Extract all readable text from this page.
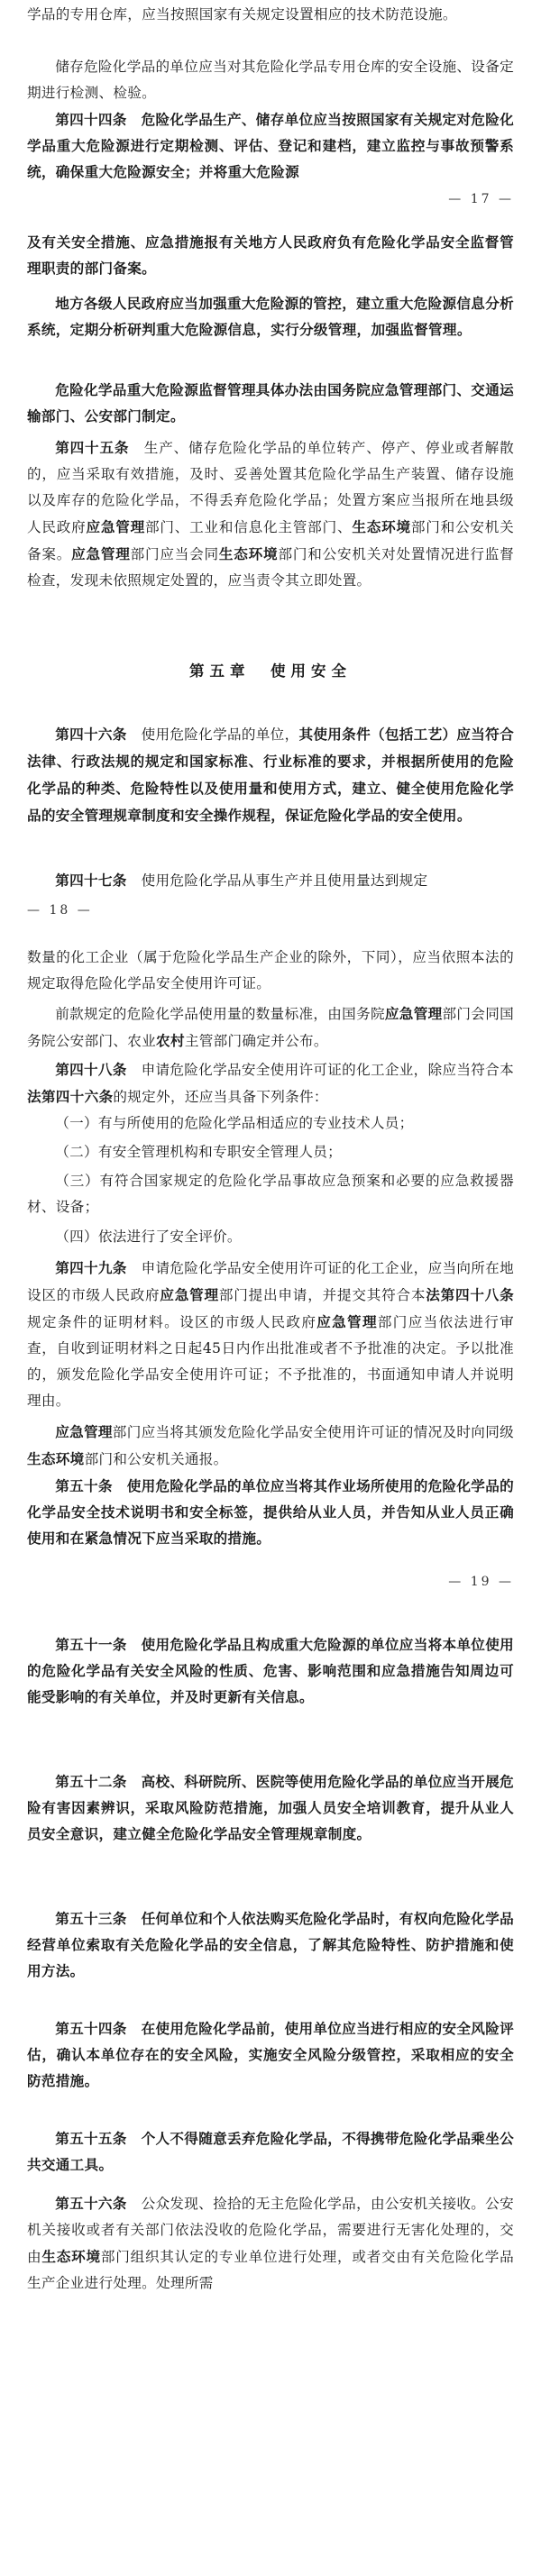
学品的专用仓库，应当按照国家有关规定设置相应的技术防范设施。
储存危险化学品的单位应当对其危险化学品专用仓库的安全设施、设备定期进行检测、检验。
第四十四条　危险化学品生产、储存单位应当按照国家有关规定对危险化学品重大危险源进行定期检测、评估、登记和建档，建立监控与事故预警系统，确保重大危险源安全；并将重大危险源
— 17 —
及有关安全措施、应急措施报有关地方人民政府负有危险化学品安全监督管理职责的部门备案。
地方各级人民政府应当加强重大危险源的管控，建立重大危险源信息分析系统，定期分析研判重大危险源信息，实行分级管理，加强监督管理。
危险化学品重大危险源监督管理具体办法由国务院应急管理部门、交通运输部门、公安部门制定。
第四十五条　生产、储存危险化学品的单位转产、停产、停业或者解散的，应当采取有效措施，及时、妥善处置其危险化学品生产装置、储存设施以及库存的危险化学品，不得丢弃危险化学品；处置方案应当报所在地县级人民政府应急管理部门、工业和信息化主管部门、生态环境部门和公安机关备案。应急管理部门应当会同生态环境部门和公安机关对处置情况进行监督检查，发现未依照规定处置的，应当责令其立即处置。
第五章　使用安全
第四十六条　使用危险化学品的单位，其使用条件（包括工艺）应当符合法律、行政法规的规定和国家标准、行业标准的要求，并根据所使用的危险化学品的种类、危险特性以及使用量和使用方式，建立、健全使用危险化学品的安全管理规章制度和安全操作规程，保证危险化学品的安全使用。
第四十七条　使用危险化学品从事生产并且使用量达到规定
— 18 —
数量的化工企业（属于危险化学品生产企业的除外，下同），应当依照本法的规定取得危险化学品安全使用许可证。
前款规定的危险化学品使用量的数量标准，由国务院应急管理部门会同国务院公安部门、农业农村主管部门确定并公布。
第四十八条　申请危险化学品安全使用许可证的化工企业，除应当符合本法第四十六条的规定外，还应当具备下列条件：
（一）有与所使用的危险化学品相适应的专业技术人员；
（二）有安全管理机构和专职安全管理人员；
（三）有符合国家规定的危险化学品事故应急预案和必要的应急救援器材、设备；
（四）依法进行了安全评价。
第四十九条　申请危险化学品安全使用许可证的化工企业，应当向所在地设区的市级人民政府应急管理部门提出申请，并提交其符合本法第四十八条规定条件的证明材料。设区的市级人民政府应急管理部门应当依法进行审查，自收到证明材料之日起45日内作出批准或者不予批准的决定。予以批准的，颁发危险化学品安全使用许可证；不予批准的，书面通知申请人并说明理由。
应急管理部门应当将其颁发危险化学品安全使用许可证的情况及时向同级生态环境部门和公安机关通报。
第五十条　使用危险化学品的单位应当将其作业场所使用的危险化学品的化学品安全技术说明书和安全标签，提供给从业人员，并告知从业人员正确使用和在紧急情况下应当采取的措施。
— 19 —
第五十一条　使用危险化学品且构成重大危险源的单位应当将本单位使用的危险化学品有关安全风险的性质、危害、影响范围和应急措施告知周边可能受影响的有关单位，并及时更新有关信息。
第五十二条　高校、科研院所、医院等使用危险化学品的单位应当开展危险有害因素辨识，采取风险防范措施，加强人员安全培训教育，提升从业人员安全意识，建立健全危险化学品安全管理规章制度。
第五十三条　任何单位和个人依法购买危险化学品时，有权向危险化学品经营单位索取有关危险化学品的安全信息，了解其危险特性、防护措施和使用方法。
第五十四条　在使用危险化学品前，使用单位应当进行相应的安全风险评估，确认本单位存在的安全风险，实施安全风险分级管控，采取相应的安全防范措施。
第五十五条　个人不得随意丢弃危险化学品，不得携带危险化学品乘坐公共交通工具。
第五十六条　公众发现、捡拾的无主危险化学品，由公安机关接收。公安机关接收或者有关部门依法没收的危险化学品，需要进行无害化处理的，交由生态环境部门组织其认定的专业单位进行处理，或者交由有关危险化学品生产企业进行处理。处理所需
